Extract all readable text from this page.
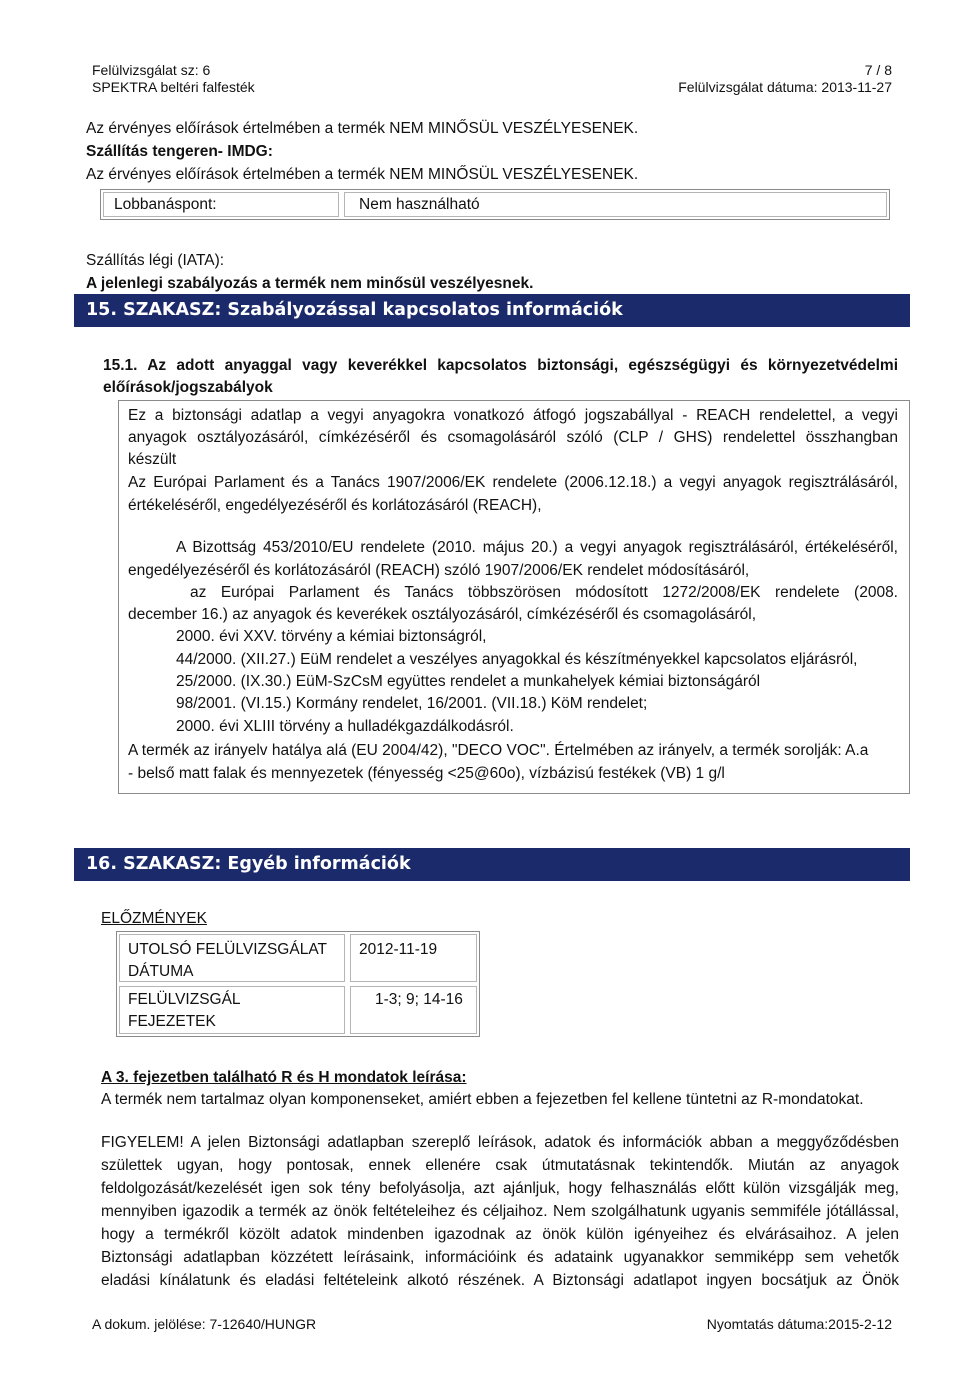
Felülvizsgálat sz: 6
SPEKTRA beltéri falfesték
7 / 8
Felülvizsgálat dátuma: 2013-11-27
Az érvényes előírások értelmében a termék NEM MINŐSÜL VESZÉLYESENEK.
Szállítás tengeren- IMDG:
Az érvényes előírások értelmében a termék NEM MINŐSÜL VESZÉLYESENEK.
Lobbanáspont:	Nem használható
Szállítás légi (IATA):
A jelenlegi szabályozás a termék nem minősül veszélyesnek.
15. SZAKASZ: Szabályozással kapcsolatos információk
15.1. Az adott anyaggal vagy keverékkel kapcsolatos biztonsági, egészségügyi és környezetvédelmi
előírások/jogszabályok
Ez a biztonsági adatlap a vegyi anyagokra vonatkozó átfogó jogszabállyal - REACH rendelettel, a vegyi
anyagok osztályozásáról, címkézéséről és csomagolásáról szóló (CLP / GHS) rendelettel összhangban
készült
Az Európai Parlament és a Tanács 1907/2006/EK rendelete (2006.12.18.) a vegyi anyagok regisztrálásáról,
értékeléséről, engedélyezéséről és korlátozásáról (REACH),
A Bizottság 453/2010/EU rendelete (2010. május 20.) a vegyi anyagok regisztrálásáról, értékeléséről,
engedélyezéséről és korlátozásáról (REACH) szóló 1907/2006/EK rendelet módosításáról,
az Európai Parlament és Tanács többszörösen módosított 1272/2008/EK rendelete (2008.
december 16.) az anyagok és keverékek osztályozásáról, címkézéséről és csomagolásáról,
2000. évi XXV. törvény a kémiai biztonságról,
44/2000. (XII.27.) EüM rendelet a veszélyes anyagokkal és készítményekkel kapcsolatos eljárásról,
25/2000. (IX.30.) EüM-SzCsM együttes rendelet a munkahelyek kémiai biztonságáról
98/2001. (VI.15.) Kormány rendelet, 16/2001. (VII.18.) KöM rendelet;
2000. évi XLIII törvény a hulladékgazdálkodásról.
A termék az irányelv hatálya alá (EU 2004/42), "DECO VOC". Értelmében az irányelv, a termék sorolják: A.a
- belső matt falak és mennyezetek (fényesség <25@60o), vízbázisú festékek (VB) 1 g/l
16. SZAKASZ: Egyéb információk
ELŐZMÉNYEK
UTOLSÓ FELÜLVIZSGÁLAT
DÁTUMA
2012-11-19
FELÜLVIZSGÁL
FEJEZETEK
1-3; 9; 14-16
A 3. fejezetben található R és H mondatok leírása:
A termék nem tartalmaz olyan komponenseket, amiért ebben a fejezetben fel kellene tüntetni az R-mondatokat.
FIGYELEM! A jelen Biztonsági adatlapban szereplő leírások, adatok és információk abban a meggyőződésben
születtek ugyan, hogy pontosak, ennek ellenére csak útmutatásnak tekintendők. Miután az anyagok
feldolgozását/kezelését igen sok tény befolyásolja, azt ajánljuk, hogy felhasználás előtt külön vizsgálják meg,
mennyiben igazodik a termék az önök feltételeihez és céljaihoz. Nem szolgálhatunk ugyanis semmiféle jótállással,
hogy a termékről közölt adatok mindenben igazodnak az önök külön igényeihez és elvárásaihoz. A jelen
Biztonsági adatlapban közzétett leírásaink, információink és adataink ugyanakkor semmiképp sem vehetők
eladási kínálatunk és eladási feltételeink alkotó részének. A Biztonsági adatlapot ingyen bocsátjuk az Önök
A dokum. jelölése: 7-12640/HUNGR	Nyomtatás dátuma:2015-2-12
